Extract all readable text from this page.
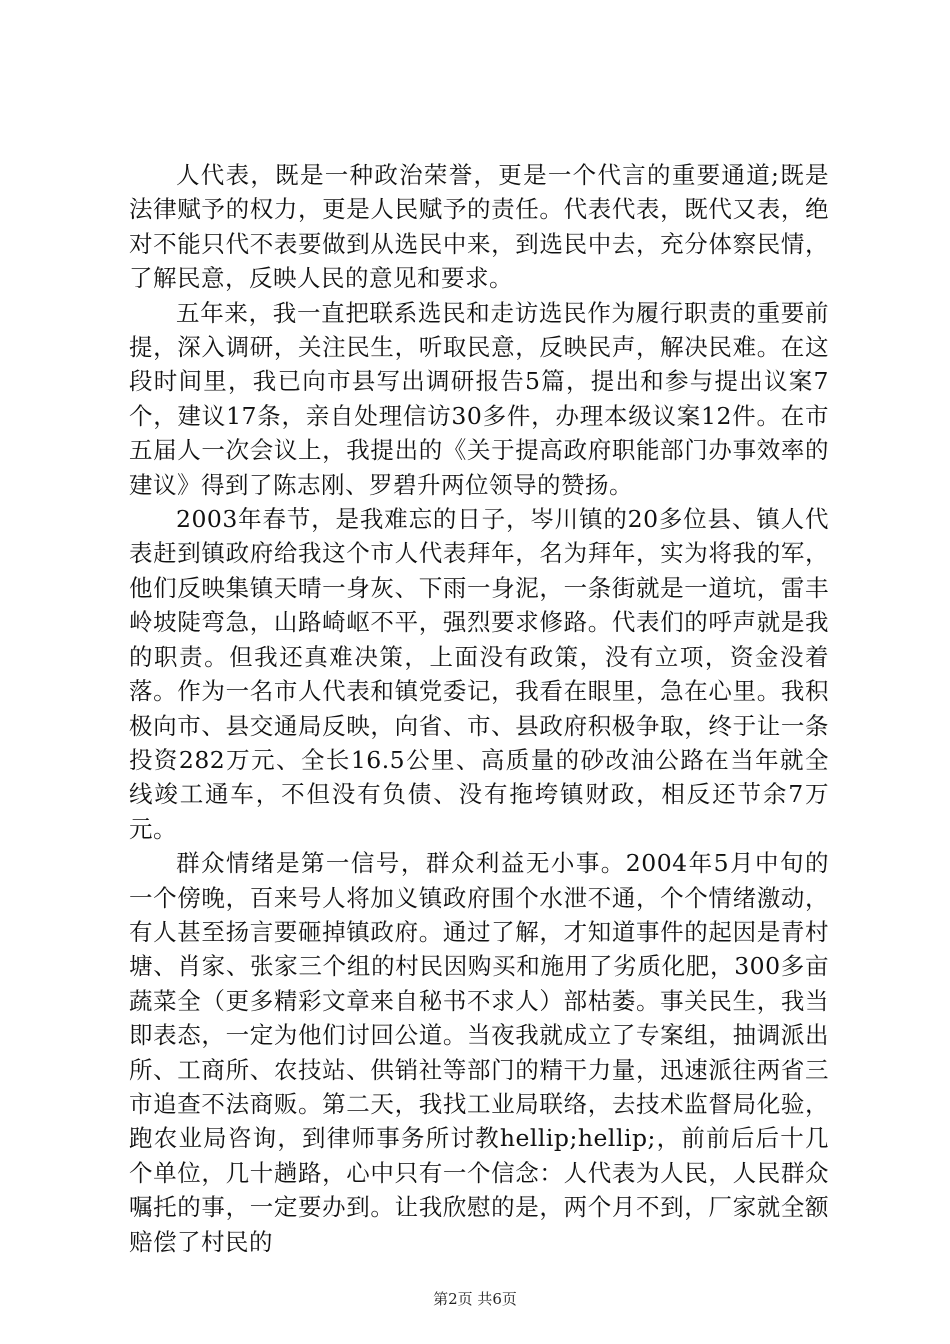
人代表，既是一种政治荣誉，更是一个代言的重要通道;既是法律赋予的权力，更是人民赋予的责任。代表代表，既代又表，绝对不能只代不表要做到从选民中来，到选民中去，充分体察民情，了解民意，反映人民的意见和要求。

五年来，我一直把联系选民和走访选民作为履行职责的重要前提，深入调研，关注民生，听取民意，反映民声，解决民难。在这段时间里，我已向市县写出调研报告5篇，提出和参与提出议案7个，建议17条，亲自处理信访30多件，办理本级议案12件。在市五届人一次会议上，我提出的《关于提高政府职能部门办事效率的建议》得到了陈志刚、罗碧升两位领导的赞扬。

2003年春节，是我难忘的日子，岑川镇的20多位县、镇人代表赶到镇政府给我这个市人代表拜年，名为拜年，实为将我的军，他们反映集镇天晴一身灰、下雨一身泥，一条街就是一道坑，雷丰岭坡陡弯急，山路崎岖不平，强烈要求修路。代表们的呼声就是我的职责。但我还真难决策，上面没有政策，没有立项，资金没着落。作为一名市人代表和镇党委记，我看在眼里，急在心里。我积极向市、县交通局反映，向省、市、县政府积极争取，终于让一条投资282万元、全长16.5公里、高质量的砂改油公路在当年就全线竣工通车，不但没有负债、没有拖垮镇财政，相反还节余7万元。

群众情绪是第一信号，群众利益无小事。2004年5月中旬的一个傍晚，百来号人将加义镇政府围个水泄不通，个个情绪激动，有人甚至扬言要砸掉镇政府。通过了解，才知道事件的起因是青村塘、肖家、张家三个组的村民因购买和施用了劣质化肥，300多亩蔬菜全（更多精彩文章来自秘书不求人）部枯萎。事关民生，我当即表态，一定为他们讨回公道。当夜我就成立了专案组，抽调派出所、工商所、农技站、供销社等部门的精干力量，迅速派往两省三市追查不法商贩。第二天，我找工业局联络，去技术监督局化验，跑农业局咨询，到律师事务所讨教hellip;hellip;，前前后后十几个单位，几十趟路，心中只有一个信念：人代表为人民，人民群众嘱托的事，一定要办到。让我欣慰的是，两个月不到，厂家就全额赔偿了村民的

第2页 共6页
